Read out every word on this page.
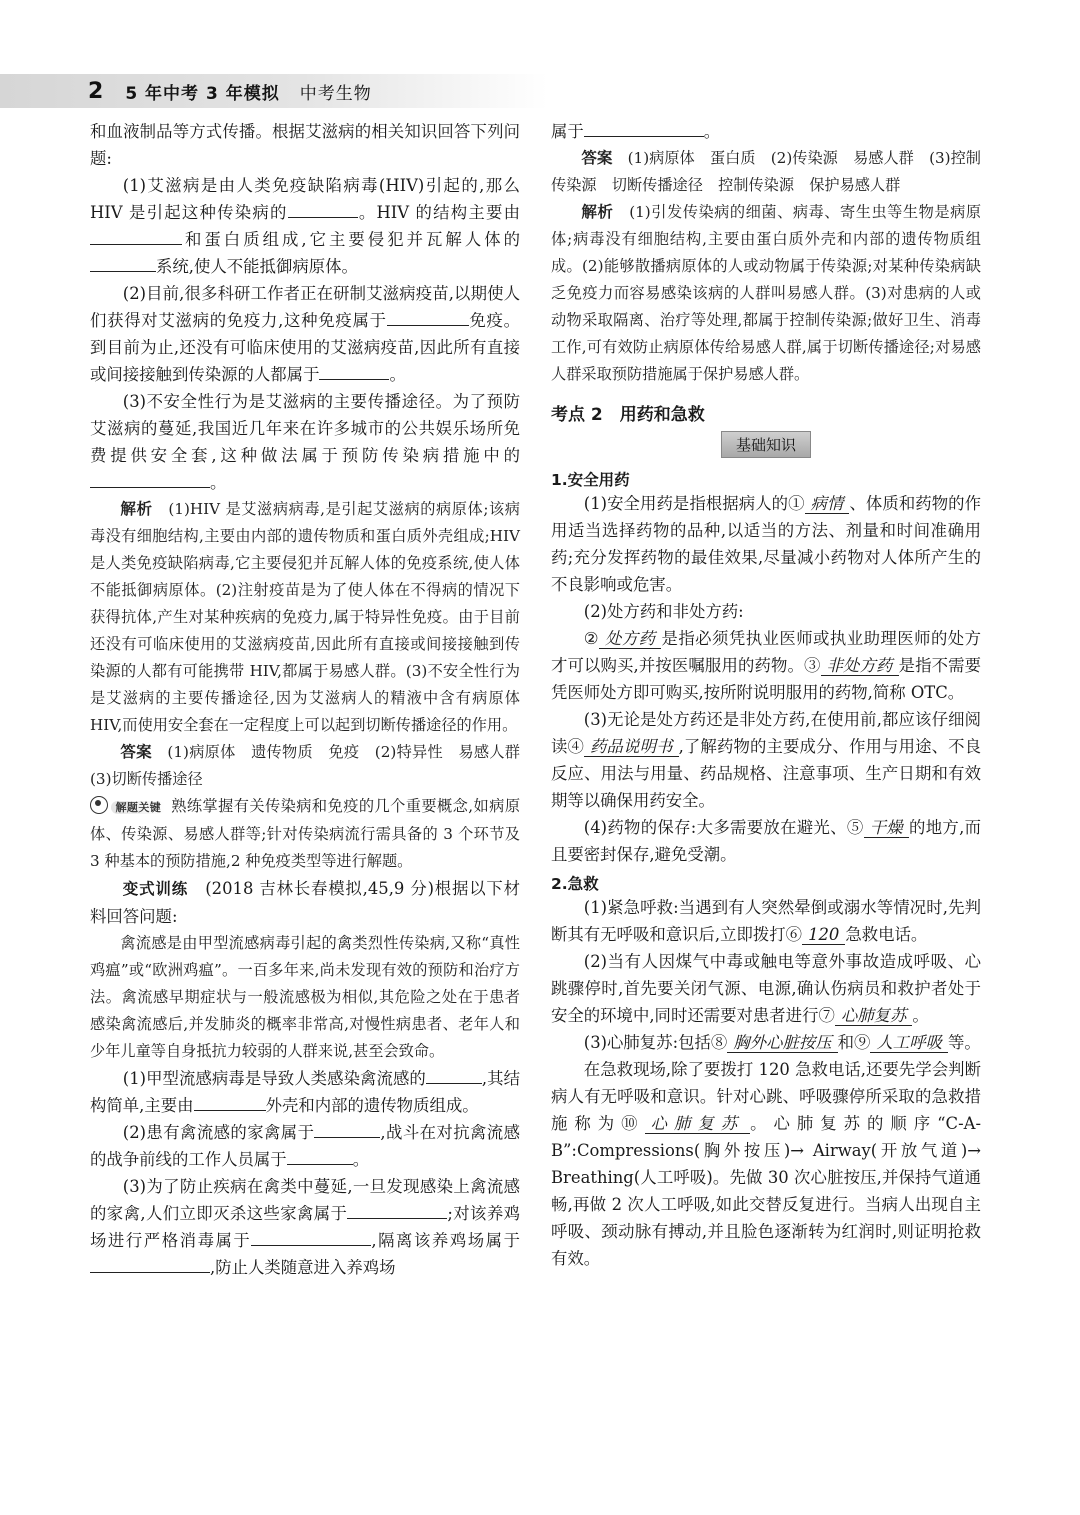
2 5 年中考 3 年模拟 中考生物

和血液制品等方式传播。根据艾滋病的相关知识回答下列问题:

(1)艾滋病是由人类免疫缺陷病毒(HIV)引起的,那么 HIV 是引起这种传染病的	。HIV 的结构主要由和蛋白质组成,它主要侵犯并瓦解人体的系统,使人不能抵御病原体。

(2)目前,很多科研工作者正在研制艾滋病疫苗,以期使人们获得对艾滋病的免疫力,这种免疫属于	免疫。到目前为止,还没有可临床使用的艾滋病疫苗,因此所有直接或间接接触到传染源的人都属于	。

(3)不安全性行为是艾滋病的主要传播途径。为了预防艾滋病的蔓延,我国近几年来在许多城市的公共娱乐场所免费提供安全套,这种做法属于预防传染病措施中的。

解析　 (1)HIV 是艾滋病病毒,是引起艾滋病的病原体;该病毒没有细胞结构,主要由内部的遗传物质和蛋白质外壳组成;HIV 是人类免疫缺陷病毒,它主要侵犯并瓦解人体的免疫系统,使人体不能抵御病原体。(2)注射疫苗是为了使人体在不得病的情况下获得抗体,产生对某种疾病的免疫力,属于特异性免疫。由于目前还没有可临床使用的艾滋病疫苗,因此所有直接或间接接触到传染源的人都有可能携带 HIV,都属于易感人群。(3)不安全性行为是艾滋病的主要传播途径,因为艾滋病人的精液中含有病原体 HIV,而使用安全套在一定程度上可以起到切断传播途径的作用。

答案　 (1)病原体　遗传物质　免疫　(2)特异性　易感人群　(3)切断传播途径

解题关键 熟练掌握有关传染病和免疫的几个重要概念,如病原体、传染源、易感人群等;针对传染病流行需具备的 3 个环节及 3 种基本的预防措施,2 种免疫类型等进行解题。

变式训练　 (2018 吉林长春模拟,45,9 分)根据以下材料回答问题:

禽流感是由甲型流感病毒引起的禽类烈性传染病,又称“真性鸡瘟”或“欧洲鸡瘟”。一百多年来,尚未发现有效的预防和治疗方法。禽流感早期症状与一般流感极为相似,其危险之处在于患者感染禽流感后,并发肺炎的概率非常高,对慢性病患者、老年人和少年儿童等自身抵抗力较弱的人群来说,甚至会致命。

(1)甲型流感病毒是导致人类感染禽流感的	,其结构简单,主要由	外壳和内部的遗传物质组成。

(2)患有禽流感的家禽属于	,战斗在对抗禽流感的战争前线的工作人员属于	。

(3)为了防止疾病在禽类中蔓延,一旦发现感染上禽流感的家禽,人们立即灭杀这些家禽属于	;对该养鸡场进行严格消毒属于	,隔离该养鸡场属于,防止人类随意进入养鸡场

属于	。

答案　 (1)病原体　蛋白质　(2)传染源　易感人群　(3)控制传染源　切断传播途径　控制传染源　保护易感人群

解析　 (1)引发传染病的细菌、病毒、寄生虫等生物是病原体;病毒没有细胞结构,主要由蛋白质外壳和内部的遗传物质组成。(2)能够散播病原体的人或动物属于传染源;对某种传染病缺乏免疫力而容易感染该病的人群叫易感人群。(3)对患病的人或动物采取隔离、治疗等处理,都属于控制传染源;做好卫生、消毒工作,可有效防止病原体传给易感人群,属于切断传播途径;对易感人群采取预防措施属于保护易感人群。

考点 2　用药和急救
基础知识
1.安全用药

(1)安全用药是指根据病人的① 病情 、体质和药物的作用适当选择药物的品种,以适当的方法、剂量和时间准确用药;充分发挥药物的最佳效果,尽量减小药物对人体所产生的不良影响或危害。

(2)处方药和非处方药:

② 处方药 是指必须凭执业医师或执业助理医师的处方才可以购买,并按医嘱服用的药物。③ 非处方药 是指不需要凭医师处方即可购买,按所附说明服用的药物,简称 OTC。

(3)无论是处方药还是非处方药,在使用前,都应该仔细阅读④ 药品说明书 ,了解药物的主要成分、作用与用途、不良反应、用法与用量、药品规格、注意事项、生产日期和有效期等以确保用药安全。

(4)药物的保存:大多需要放在避光、⑤ 干燥 的地方,而且要密封保存,避免受潮。

2.急救

(1)紧急呼救:当遇到有人突然晕倒或溺水等情况时,先判断其有无呼吸和意识后,立即拨打⑥ 120 急救电话。

(2)当有人因煤气中毒或触电等意外事故造成呼吸、心跳骤停时,首先要关闭气源、电源,确认伤病员和救护者处于安全的环境中,同时还需要对患者进行⑦ 心肺复苏 。

(3)心肺复苏:包括⑧ 胸外心脏按压 和⑨ 人工呼吸 等。

在急救现场,除了要拨打 120 急救电话,还要先学会判断病人有无呼吸和意识。针对心跳、呼吸骤停所采取的急救措施称为⑩ 心肺复苏 。心肺复苏的顺序“C-A-B”:Compressions(胸外按压)→ Airway(开放气道)→ Breathing(人工呼吸)。先做 30 次心脏按压,并保持气道通畅,再做 2 次人工呼吸,如此交替反复进行。当病人出现自主呼吸、颈动脉有搏动,并且脸色逐渐转为红润时,则证明抢救有效。
